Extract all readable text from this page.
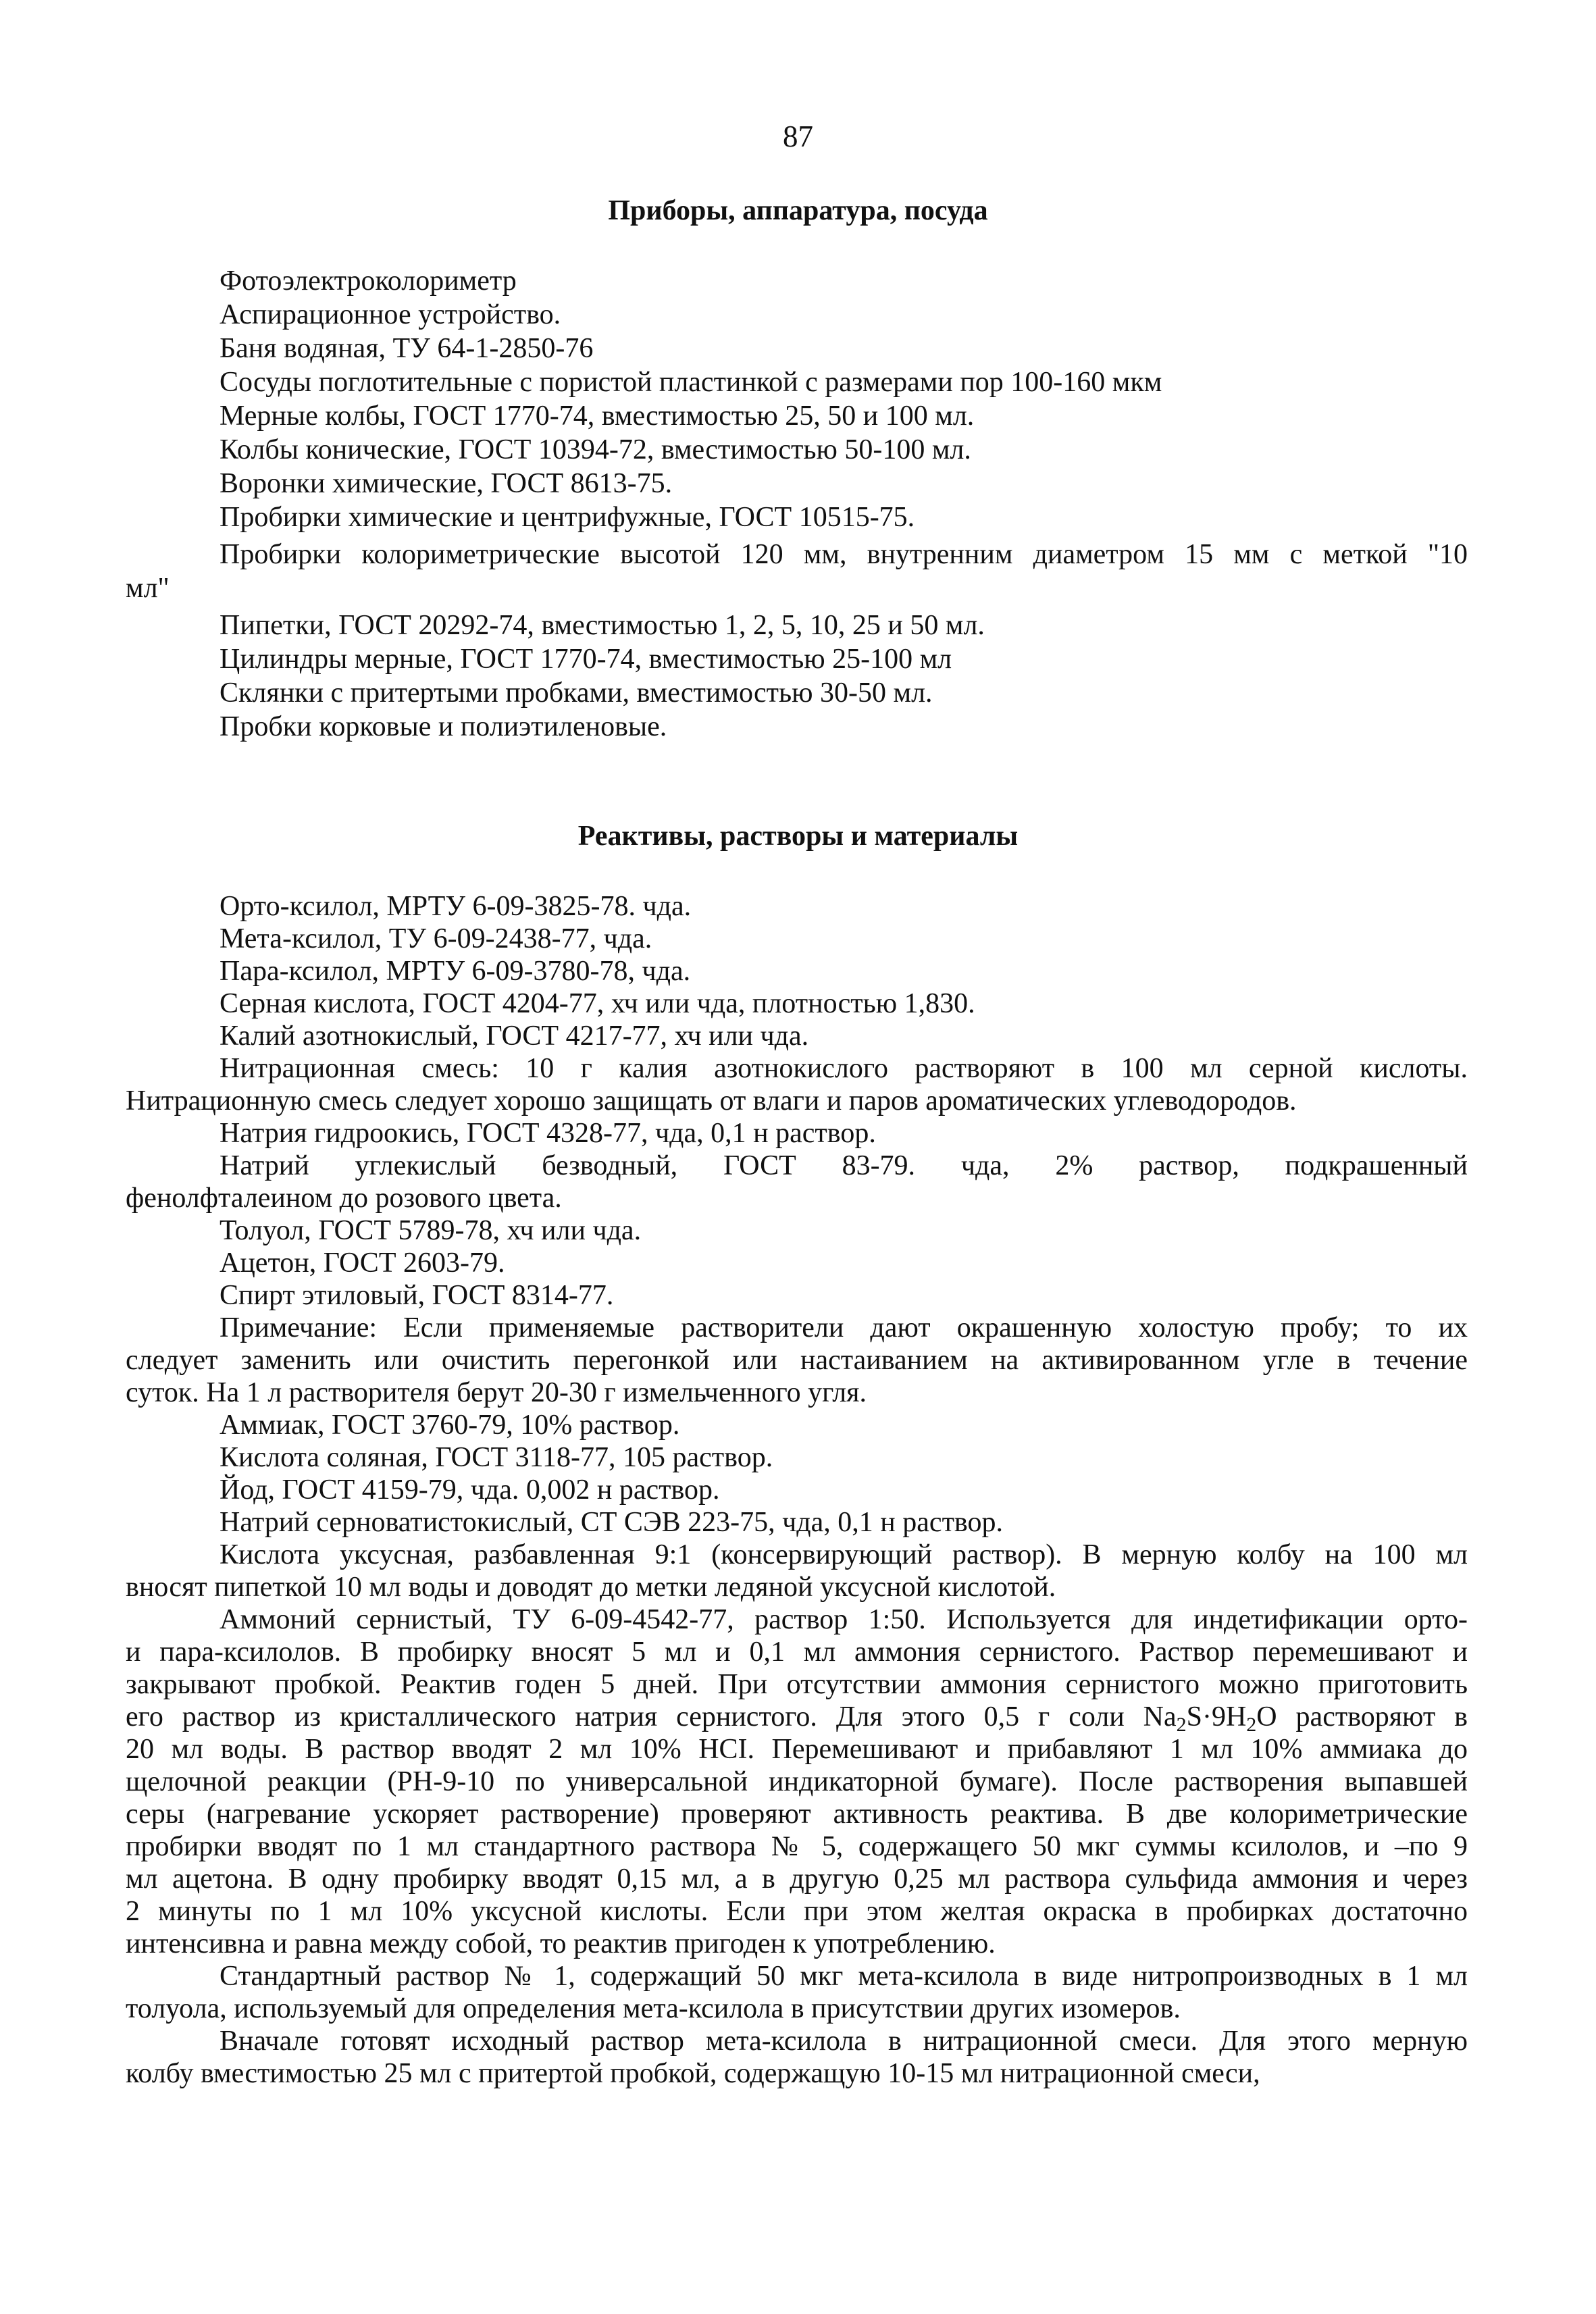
87
Приборы, аппаратура, посуда
Фотоэлектроколориметр
Аспирационное устройство.
Баня водяная, ТУ 64-1-2850-76
Сосуды поглотительные с пористой пластинкой с размерами пор 100-160 мкм
Мерные колбы, ГОСТ 1770-74, вместимостью 25, 50 и 100 мл.
Колбы конические, ГОСТ 10394-72, вместимостью 50-100 мл.
Воронки химические, ГОСТ 8613-75.
Пробирки химические и центрифужные, ГОСТ 10515-75.
Пробирки колориметрические высотой 120 мм, внутренним диаметром 15 мм с меткой "10
мл"
Пипетки, ГОСТ 20292-74, вместимостью 1, 2, 5, 10, 25 и 50 мл.
Цилиндры мерные, ГОСТ 1770-74, вместимостью 25-100 мл
Склянки с притертыми пробками, вместимостью 30-50 мл.
Пробки корковые и полиэтиленовые.
Реактивы, растворы и материалы
Орто-ксилол, МРТУ 6-09-3825-78. чда.
Мета-ксилол, ТУ 6-09-2438-77, чда.
Пара-ксилол, МРТУ 6-09-3780-78, чда.
Серная кислота, ГОСТ 4204-77, хч или чда, плотностью 1,830.
Калий азотнокислый, ГОСТ 4217-77, хч или чда.
Нитрационная смесь: 10 г калия азотнокислого растворяют в 100 мл серной кислоты.
Нитрационную смесь следует хорошо защищать от влаги и паров ароматических углеводородов.
Натрия гидроокись, ГОСТ 4328-77, чда, 0,1 н раствор.
Натрий углекислый безводный, ГОСТ 83-79. чда, 2% раствор, подкрашенный
фенолфталеином до розового цвета.
Толуол, ГОСТ 5789-78, хч или чда.
Ацетон, ГОСТ 2603-79.
Спирт этиловый, ГОСТ 8314-77.
Примечание: Если применяемые растворители дают окрашенную холостую пробу; то их
следует заменить или очистить перегонкой или настаиванием на активированном угле в течение
суток. На 1 л растворителя берут 20-30 г измельченного угля.
Аммиак, ГОСТ 3760-79, 10% раствор.
Кислота соляная, ГОСТ 3118-77, 105 раствор.
Йод, ГОСТ 4159-79, чда. 0,002 н раствор.
Натрий серноватистокислый, СТ СЭВ 223-75, чда, 0,1 н раствор.
Кислота уксусная, разбавленная 9:1 (консервирующий раствор). В мерную колбу на 100 мл
вносят пипеткой 10 мл воды и доводят до метки ледяной уксусной кислотой.
Аммоний сернистый, ТУ 6-09-4542-77, раствор 1:50. Используется для индетификации орто-
и пара-ксилолов. В пробирку вносят 5 мл и 0,1 мл аммония сернистого. Раствор перемешивают и
закрывают пробкой. Реактив годен 5 дней. При отсутствии аммония сернистого можно приготовить
его раствор из кристаллического натрия сернистого. Для этого 0,5 г соли $Na_2S\cdot 9H_2O$ растворяют в
20 мл воды. В раствор вводят 2 мл 10% HCI. Перемешивают и прибавляют 1 мл 10% аммиака до
щелочной реакции (PH-9-10 по универсальной индикаторной бумаге). После растворения выпавшей
серы (нагревание ускоряет растворение) проверяют активность реактива. В две колориметрические
пробирки вводят по 1 мл стандартного раствора № 5, содержащего 50 мкг суммы ксилолов, и –по 9
мл ацетона. В одну пробирку вводят 0,15 мл, а в другую 0,25 мл раствора сульфида аммония и через
2 минуты по 1 мл 10% уксусной кислоты. Если при этом желтая окраска в пробирках достаточно
интенсивна и равна между собой, то реактив пригоден к употреблению.
Стандартный раствор № 1, содержащий 50 мкг мета-ксилола в виде нитропроизводных в 1 мл
толуола, используемый для определения мета-ксилола в присутствии других изомеров.
Вначале готовят исходный раствор мета-ксилола в нитрационной смеси. Для этого мерную
колбу вместимостью 25 мл с притертой пробкой, содержащую 10-15 мл нитрационной смеси,
